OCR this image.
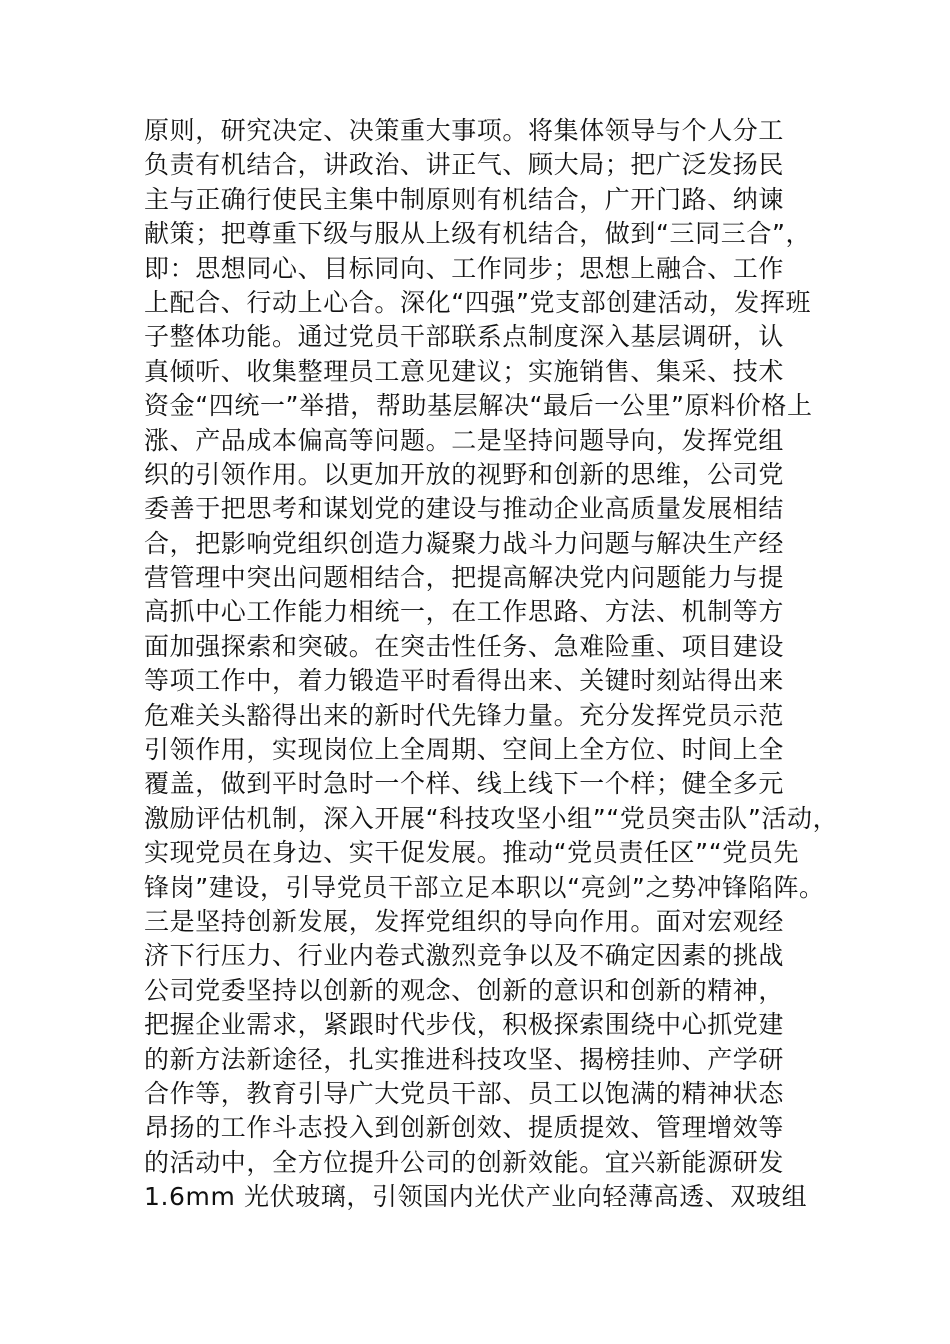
原则，研究决定、决策重大事项。将集体领导与个人分工
负责有机结合，讲政治、讲正气、顾大局；把广泛发扬民
主与正确行使民主集中制原则有机结合，广开门路、纳谏
献策；把尊重下级与服从上级有机结合，做到“三同三合”，
即：思想同心、目标同向、工作同步；思想上融合、工作
上配合、行动上心合。深化“四强”党支部创建活动，发挥班
子整体功能。通过党员干部联系点制度深入基层调研，认
真倾听、收集整理员工意见建议；实施销售、集采、技术
资金“四统一”举措，帮助基层解决“最后一公里”原料价格上
涨、产品成本偏高等问题。二是坚持问题导向，发挥党组
织的引领作用。以更加开放的视野和创新的思维，公司党
委善于把思考和谋划党的建设与推动企业高质量发展相结
合，把影响党组织创造力凝聚力战斗力问题与解决生产经
营管理中突出问题相结合，把提高解决党内问题能力与提
高抓中心工作能力相统一，在工作思路、方法、机制等方
面加强探索和突破。在突击性任务、急难险重、项目建设
等项工作中，着力锻造平时看得出来、关键时刻站得出来
危难关头豁得出来的新时代先锋力量。充分发挥党员示范
引领作用，实现岗位上全周期、空间上全方位、时间上全
覆盖，做到平时急时一个样、线上线下一个样；健全多元
激励评估机制，深入开展“科技攻坚小组”“党员突击队”活动，
实现党员在身边、实干促发展。推动“党员责任区”“党员先
锋岗”建设，引导党员干部立足本职以“亮剑”之势冲锋陷阵。
三是坚持创新发展，发挥党组织的导向作用。面对宏观经
济下行压力、行业内卷式激烈竞争以及不确定因素的挑战
公司党委坚持以创新的观念、创新的意识和创新的精神，
把握企业需求，紧跟时代步伐，积极探索围绕中心抓党建
的新方法新途径，扎实推进科技攻坚、揭榜挂帅、产学研
合作等，教育引导广大党员干部、员工以饱满的精神状态
昂扬的工作斗志投入到创新创效、提质提效、管理增效等
的活动中，全方位提升公司的创新效能。宜兴新能源研发
1.6mm 光伏玻璃，引领国内光伏产业向轻薄高透、双玻组
